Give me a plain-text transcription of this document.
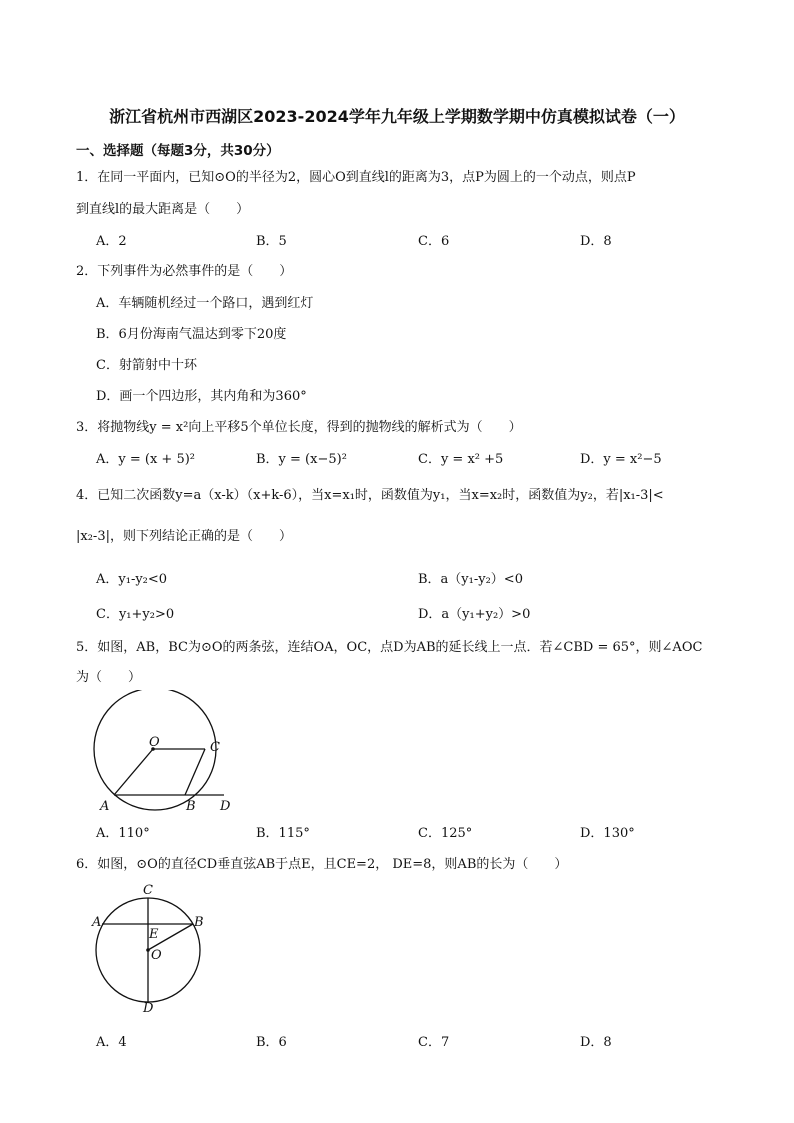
浙江省杭州市西湖区2023-2024学年九年级上学期数学期中仿真模拟试卷（一）
一、选择题（每题3分，共30分）
1．在同一平面内，已知⊙O的半径为2，圆心O到直线l的距离为3，点P为圆上的一个动点，则点P
到直线l的最大距离是（　　）
A．2	B．5	C．6	D．8
2．下列事件为必然事件的是（　　）
A．车辆随机经过一个路口，遇到红灯
B．6月份海南气温达到零下20度
C．射箭射中十环
D．画一个四边形，其内角和为360°
3．将抛物线y = x²向上平移5个单位长度，得到的抛物线的解析式为（　　）
A．y = (x + 5)²	B．y = (x−5)²	C．y = x² +5	D．y = x²−5
4．已知二次函数y=a（x-k）（x+k-6），当x=x₁时，函数值为y₁，当x=x₂时，函数值为y₂，若|x₁-3|<
|x₂-3|，则下列结论正确的是（　　）
A．y₁-y₂<0	B．a（y₁-y₂）<0
C．y₁+y₂>0	D．a（y₁+y₂）>0
5．如图，AB，BC为⊙O的两条弦，连结OA，OC，点D为AB的延长线上一点．若∠CBD = 65°，则∠AOC
为（　　）
O	C
A	B D
A．110°	B．115°	C．125°	D．130°
6．如图，⊙O的直径CD垂直弦AB于点E，且CE=2， DE=8，则AB的长为（　　）
C
A	B
E
O
D
A．4	B．6	C．7	D．8
